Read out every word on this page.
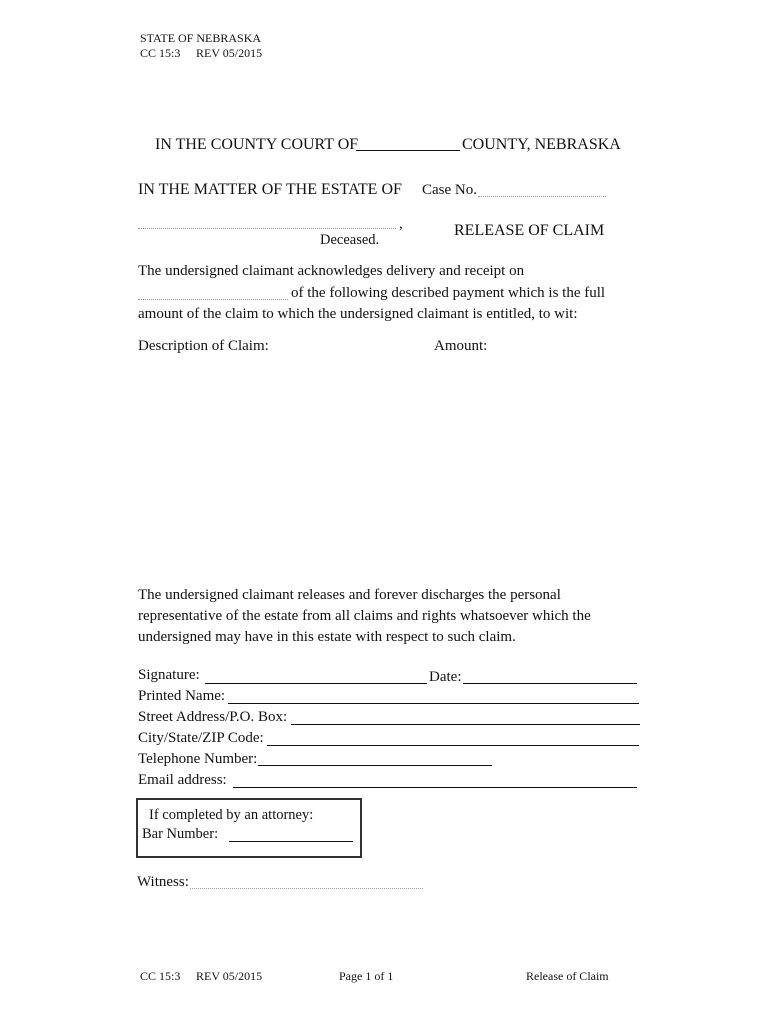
STATE OF NEBRASKA
CC 15:3 REV 05/2015
IN THE COUNTY COURT OF	COUNTY, NEBRASKA
IN THE MATTER OF THE ESTATE OF Case No.
,
Deceased.
RELEASE OF CLAIM
The undersigned claimant acknowledges delivery and receipt on
of the following described payment which is the full
amount of the claim to which the undersigned claimant is entitled, to wit:
Description of Claim:	Amount:
The undersigned claimant releases and forever discharges the personal
representative of the estate from all claims and rights whatsoever which the
undersigned may have in this estate with respect to such claim.
Signature:	Date:
Printed Name:
Street Address/P.O. Box:
City/State/ZIP Code:
Telephone Number:
Email address:
If completed by an attorney:
Bar Number:
Witness:
CC 15:3 REV 05/2015	Page 1 of 1	Release of Claim
